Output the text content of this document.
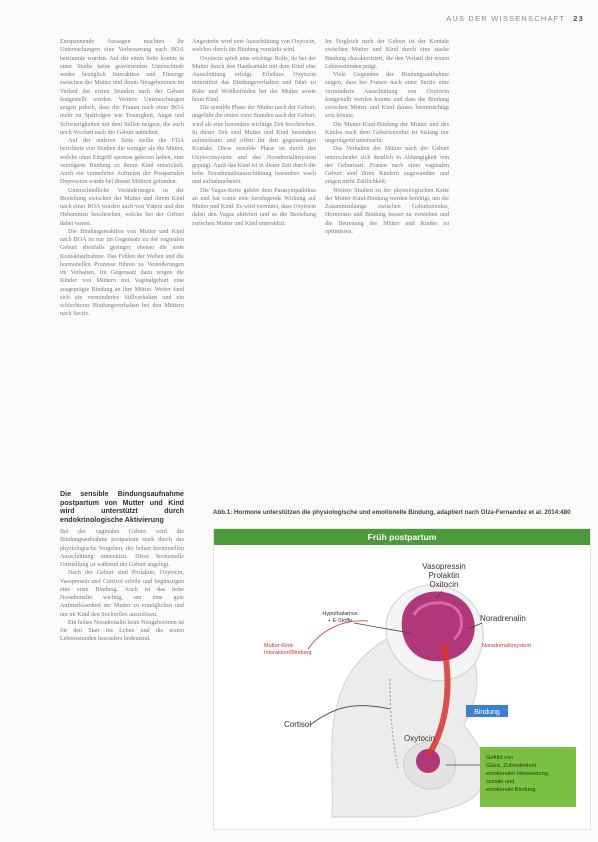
AUS DER WISSENSCHAFT 23

Entspannende Aussagen machten ihr Untersuchungen eine Verbesserung nach BOA bestimmte wurden. Auf der einen Seite konnte in einer Studie keine gravierenden Unterschiede weder bezüglich Interaktion und Fürsorge zwischen der Mutter und ihrem Neugeborenen im Verlauf der ersten Stunden nach der Geburt festgestellt werden. Weitere Untersuchungen zeigen jedoch, dass die Frauen nach einer BOA mehr zu Spätfolgen wie Traurigkeit, Angst und Schwierigkeiten mit dem Stillen neigten, die auch noch Wochen nach der Geburt anhielten.

Auf der anderen Seite stellte die FDA berichtete von Studien die weniger als die Mütter, welche ohne Eingriff spontan geboren haben, eine verzögerte Bindung zu ihrem Kind entwickelt. Auch ein vermehrtes Auftreten der Postpartalen Depression wurde bei diesen Müttern gefunden.

Unterschiedliche Veränderungen in der Beziehung zwischen der Mutter und ihrem Kind nach einer BOA wurden auch von Vätern und den Hebammen beschrieben, welche bei der Geburt dabei waren.

Die Bindungsreaktion von Mutter und Kind nach BOA ist nur im Gegensatz zu der vaginalen Geburt ebenfalls geringer, ebenso die erste Kontaktaufnahme. Das Fehlen der Wehen und die hormonellen Prozesse führen zu Veränderungen im Verhalten. Im Gegensatz dazu zeigen die Kinder von Müttern mit Vaginalgeburt eine ausgeprägte Bindung an ihre Mütter. Weiter fand sich ein vermindertes Stillverhalten und ein schlechteres Bindungsverhalten bei den Müttern nach Sectio.

Die sensible Bindungsaufnahme postpartum von Mutter und Kind wird unterstützt durch endokrinologische Aktivierung

Bei der vaginalen Geburt wird die Bindungsaufnahme postpartum stark durch das physiologische Vorgehen, der hohen hormonellen Ausschüttung unterstützt. Diese hormonelle Umstellung ist während der Geburt angelegt.

Nach der Geburt sind Prolaktin, Oxytocin, Vasopressin und Cortisol erhöht und begünstigen eine erste Bindung. Auch ist das hohe Noradrenalin wichtig, um eine gute Aufmerksamkeit der Mutter zu ermöglichen und um im Kind den Suchreflex auszulösen.

Ein hohes Noradrenalin beim Neugeborenen ist für den Start ins Leben und die ersten Lebensstunden besonders bedeutend.

Angestrebt wird eine Ausschüttung von Oxytocin, welches durch die Bindung verstärkt wird.

Oxytocin spielt eine wichtige Rolle, da bei der Mutter durch den Hautkontakt mit dem Kind eine Ausschüttung erfolgt. Erhöhtes Oxytocin unterstützt das Bindungsverhalten und führt zu Ruhe und Wohlbefinden bei der Mutter sowie beim Kind.

Die sensible Phase der Mutter nach der Geburt, ungefähr die ersten zwei Stunden nach der Geburt, wird als eine besonders wichtige Zeit beschrieben. In dieser Zeit sind Mutter und Kind besonders aufmerksam und offen für den gegenseitigen Kontakt. Diese sensible Phase ist durch das Oxytocinsystem und das Noradrenalinsystem geprägt. Auch das Kind ist in dieser Zeit durch die hohe Noradrenalinausschüttung besonders wach und aufnahmebereit.

Die Vagus-Kette gehört dem Parasympathikus an und hat somit eine beruhigende Wirkung auf Mutter und Kind. Es wird vermutet, dass Oxytocin dabei den Vagus aktiviert und so die Beziehung zwischen Mutter und Kind unterstützt.

Im Vergleich nach der Geburt ist der Kontakt zwischen Mutter und Kind durch eine starke Bindung charakterisiert, die den Verlauf der ersten Lebensstunden prägt.

Viele Gegenden der Bindungsaufnahme zeigen, dass bei Frauen nach einer Sectio eine verminderte Ausschüttung von Oxytocin festgestellt werden konnte und dass die Bindung zwischen Mutter und Kind daraus beeinträchtigt sein könnte.

Die Mutter-Kind-Bindung der Mutter und des Kindes nach dem Geburtsmodus ist bislang nur ungenügend untersucht.

Das Verhalten der Mütter nach der Geburt unterscheidet sich deutlich in Abhängigkeit von der Geburtsart. Frauen nach einer vaginalen Geburt sind ihren Kindern zugewandter und zeigen mehr Zärtlichkeit.

Weitere Studien zu der physiologischen Kette der Mutter-Kind-Bindung werden benötigt, um die Zusammenhänge zwischen Geburtsmodus, Hormonen und Bindung besser zu verstehen und die Betreuung der Mütter und Kinder zu optimieren.

Abb.1: Hormone unterstützen die physiologische und emotionelle Bindung, adaptiert nach Olza-Fernandez et al. 2014:480
Früh postpartum
Vasopressin
Prolaktin
Oxitocin
Noradrenalin
Noradrenalinsystem
Hypothalamus
+ E-Stoffe
Mutter-Kind-
Interaktion/Bindung
Bindung
Cortisol
Oxytocin
Gefühl von
Glück, Zufriedenheit
emotionaler Hinwendung,
soziale und
emotionale Bindung
